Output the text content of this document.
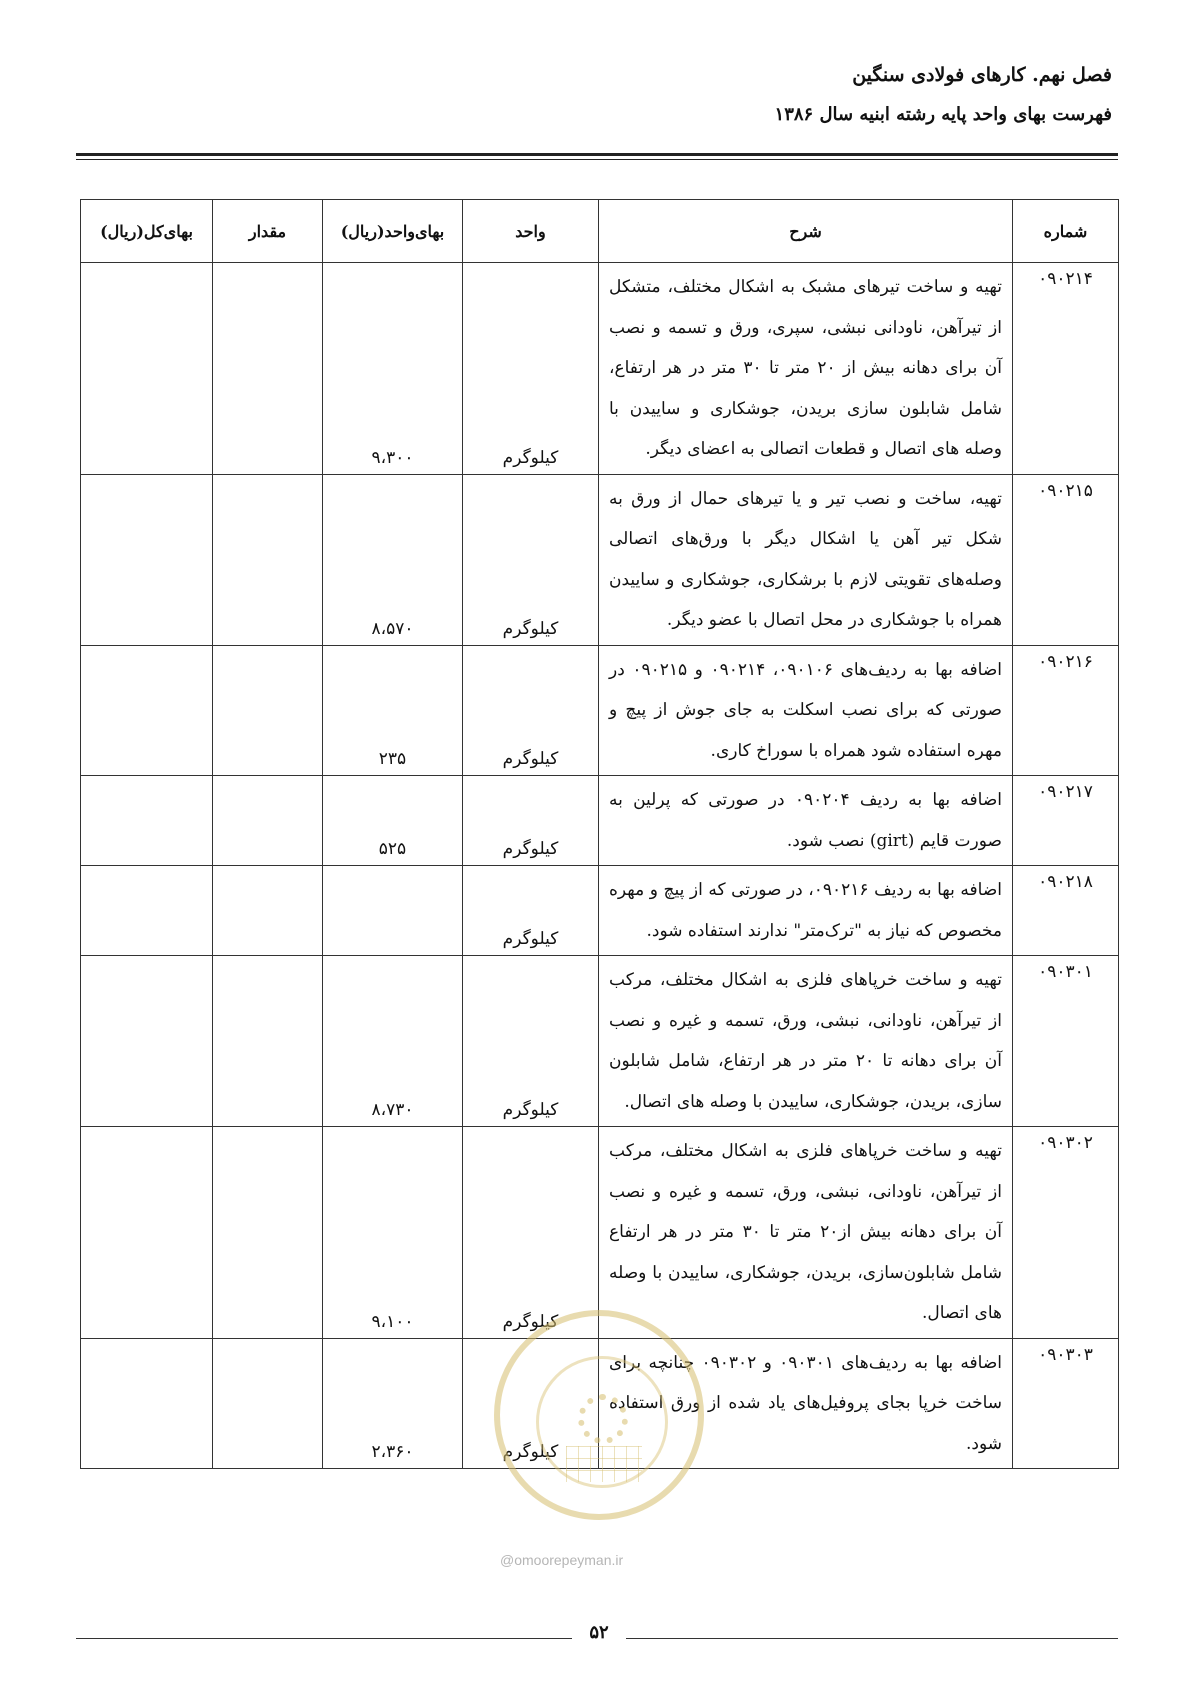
فصل نهم. کارهای فولادی سنگین
فهرست بهای واحد پایه رشته ابنیه سال ۱۳۸۶
شماره	شرح	واحد	بهای‌واحد(ریال)	مقدار	بهای‌کل(ریال)
۰۹۰۲۱۴	تهیه و ساخت تیرهای مشبک به اشکال مختلف، متشکل از تیرآهن، ناودانی نبشی، سپری، ورق و تسمه و نصب آن برای دهانه بیش از ۲۰ متر تا ۳۰ متر در هر ارتفاع، شامل شابلون سازی بریدن، جوشکاری و ساییدن با وصله های اتصال و قطعات اتصالی به اعضای دیگر.	کیلوگرم	۹،۳۰۰		
۰۹۰۲۱۵	تهیه، ساخت و نصب تیر و یا تیرهای حمال از ورق به شکل تیر آهن یا اشکال دیگر با ورق‌های اتصالی وصله‌های تقویتی لازم با برشکاری، جوشکاری و ساییدن همراه با جوشکاری در محل اتصال با عضو دیگر.	کیلوگرم	۸،۵۷۰		
۰۹۰۲۱۶	اضافه بها به ردیف‌های ۰۹۰۱۰۶، ۰۹۰۲۱۴ و ۰۹۰۲۱۵ در صورتی که برای نصب اسکلت به جای جوش از پیچ و مهره استفاده شود همراه با سوراخ کاری.	کیلوگرم	۲۳۵		
۰۹۰۲۱۷	اضافه بها به ردیف ۰۹۰۲۰۴ در صورتی که پرلین به صورت قایم (girt) نصب شود.	کیلوگرم	۵۲۵		
۰۹۰۲۱۸	اضافه بها به ردیف ۰۹۰۲۱۶، در صورتی که از پیچ و مهره مخصوص که نیاز به "ترک‌متر" ندارند استفاده شود.	کیلوگرم			
۰۹۰۳۰۱	تهیه و ساخت خرپاهای فلزی به اشکال مختلف، مرکب از تیرآهن، ناودانی، نبشی، ورق، تسمه و غیره و نصب آن برای دهانه تا ۲۰ متر در هر ارتفاع، شامل شابلون سازی، بریدن، جوشکاری، ساییدن با وصله های اتصال.	کیلوگرم	۸،۷۳۰		
۰۹۰۳۰۲	تهیه و ساخت خرپاهای فلزی به اشکال مختلف، مرکب از تیرآهن، ناودانی، نبشی، ورق، تسمه و غیره و نصب آن برای دهانه بیش از۲۰ متر تا ۳۰ متر در هر ارتفاع شامل شابلون‌سازی، بریدن، جوشکاری، ساییدن با وصله های اتصال.	کیلوگرم	۹،۱۰۰		
۰۹۰۳۰۳	اضافه بها به ردیف‌های ۰۹۰۳۰۱ و ۰۹۰۳۰۲ چنانچه برای ساخت خرپا بجای پروفیل‌های یاد شده از ورق استفاده شود.	کیلوگرم	۲،۳۶۰		
@omoorepeyman.ir
۵۲
